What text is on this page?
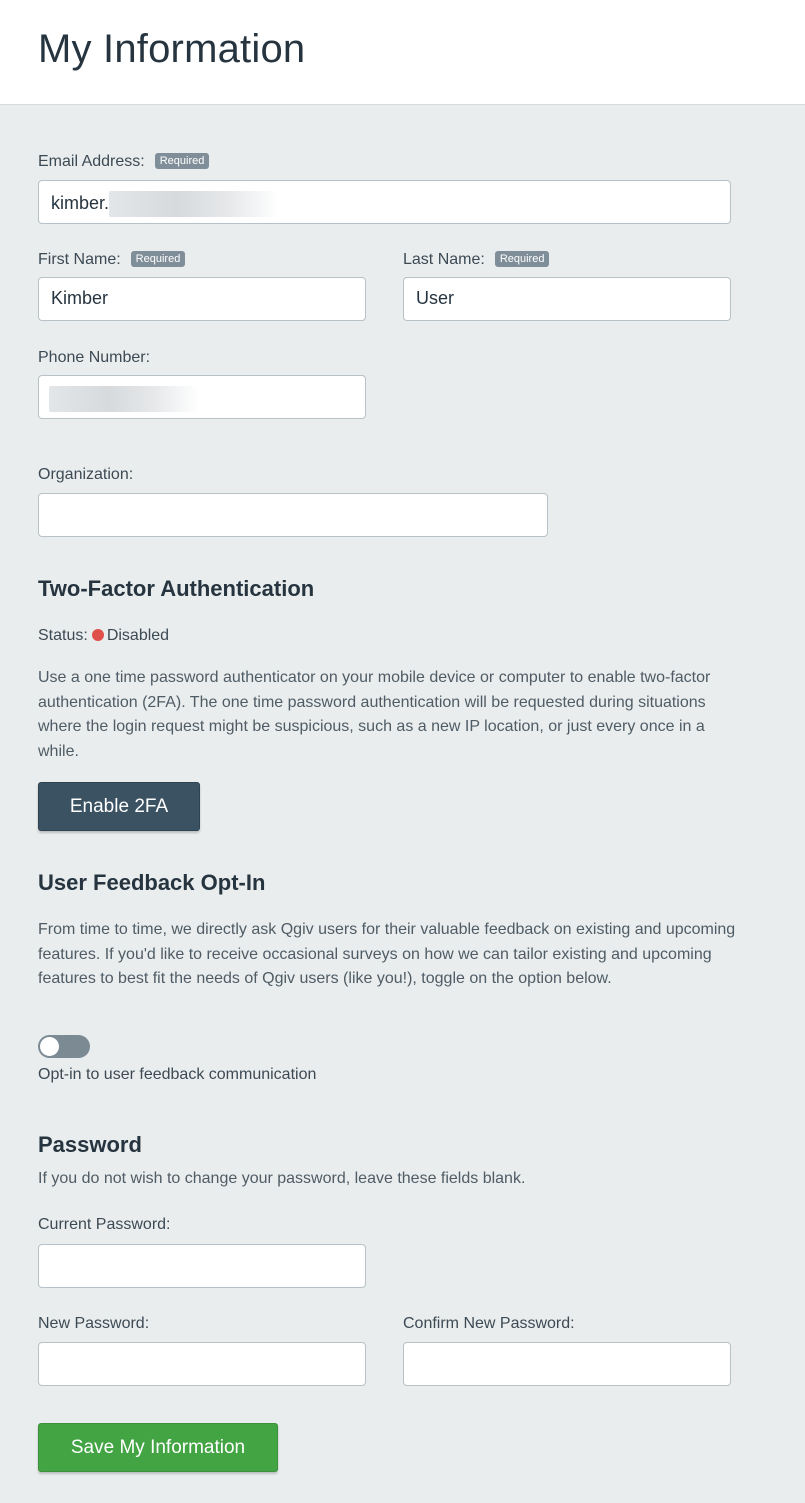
My Information
Email Address: Required
kimber.
First Name: Required
Kimber
Last Name: Required
User
Phone Number:
Organization:
Two-Factor Authentication
Status: Disabled
Use a one time password authenticator on your mobile device or computer to enable two-factor authentication (2FA). The one time password authentication will be requested during situations where the login request might be suspicious, such as a new IP location, or just every once in a while.
Enable 2FA
User Feedback Opt-In
From time to time, we directly ask Qgiv users for their valuable feedback on existing and upcoming features. If you'd like to receive occasional surveys on how we can tailor existing and upcoming features to best fit the needs of Qgiv users (like you!), toggle on the option below.
Opt-in to user feedback communication
Password
If you do not wish to change your password, leave these fields blank.
Current Password:
New Password:	Confirm New Password:
Save My Information
